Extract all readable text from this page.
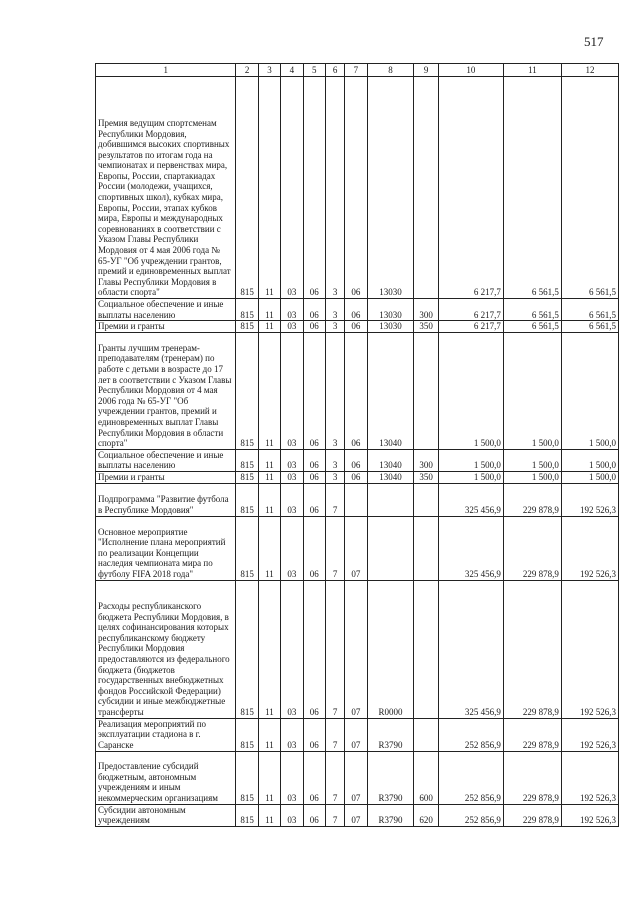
517
1	2	3	4	5	6	7	8	9	10	11	12
Премия ведущим спортсменам Республики Мордовия, добившимся высоких спортивных результатов по итогам года на чемпионатах и первенствах мира, Европы, России, спартакиадах России (молодежи, учащихся, спортивных школ), кубках мира, Европы, России, этапах кубков мира, Европы и международных соревнованиях в соответствии с Указом Главы Республики Мордовия от 4 мая 2006 года № 65-УГ "Об учреждении грантов, премий и единовременных выплат Главы Республики Мордовия в области спорта"	815	11	03	06	3	06	13030		6 217,7	6 561,5	6 561,5
Социальное обеспечение и иные выплаты населению	815	11	03	06	3	06	13030	300	6 217,7	6 561,5	6 561,5
Премии и гранты	815	11	03	06	3	06	13030	350	6 217,7	6 561,5	6 561,5
Гранты лучшим тренерам-преподавателям (тренерам) по работе с детьми в возрасте до 17 лет в соответствии с Указом Главы Республики Мордовия от 4 мая 2006 года № 65-УГ "Об учреждении грантов, премий и единовременных выплат Главы Республики Мордовия в области спорта"	815	11	03	06	3	06	13040		1 500,0	1 500,0	1 500,0
Социальное обеспечение и иные выплаты населению	815	11	03	06	3	06	13040	300	1 500,0	1 500,0	1 500,0
Премии и гранты	815	11	03	06	3	06	13040	350	1 500,0	1 500,0	1 500,0
Подпрограмма "Развитие футбола в Республике Мордовия"	815	11	03	06	7				325 456,9	229 878,9	192 526,3
Основное мероприятие "Исполнение плана мероприятий по реализации Концепции наследия чемпионата мира по футболу FIFA 2018 года"	815	11	03	06	7	07			325 456,9	229 878,9	192 526,3
Расходы республиканского бюджета Республики Мордовия, в целях софинансирования которых республиканскому бюджету Республики Мордовия предоставляются из федерального бюджета (бюджетов государственных внебюджетных фондов Российской Федерации) субсидии и иные межбюджетные трансферты	815	11	03	06	7	07	R0000		325 456,9	229 878,9	192 526,3
Реализация мероприятий по эксплуатации стадиона в г. Саранске	815	11	03	06	7	07	R3790		252 856,9	229 878,9	192 526,3
Предоставление субсидий бюджетным, автономным учреждениям и иным некоммерческим организациям	815	11	03	06	7	07	R3790	600	252 856,9	229 878,9	192 526,3
Субсидии автономным учреждениям	815	11	03	06	7	07	R3790	620	252 856,9	229 878,9	192 526,3
